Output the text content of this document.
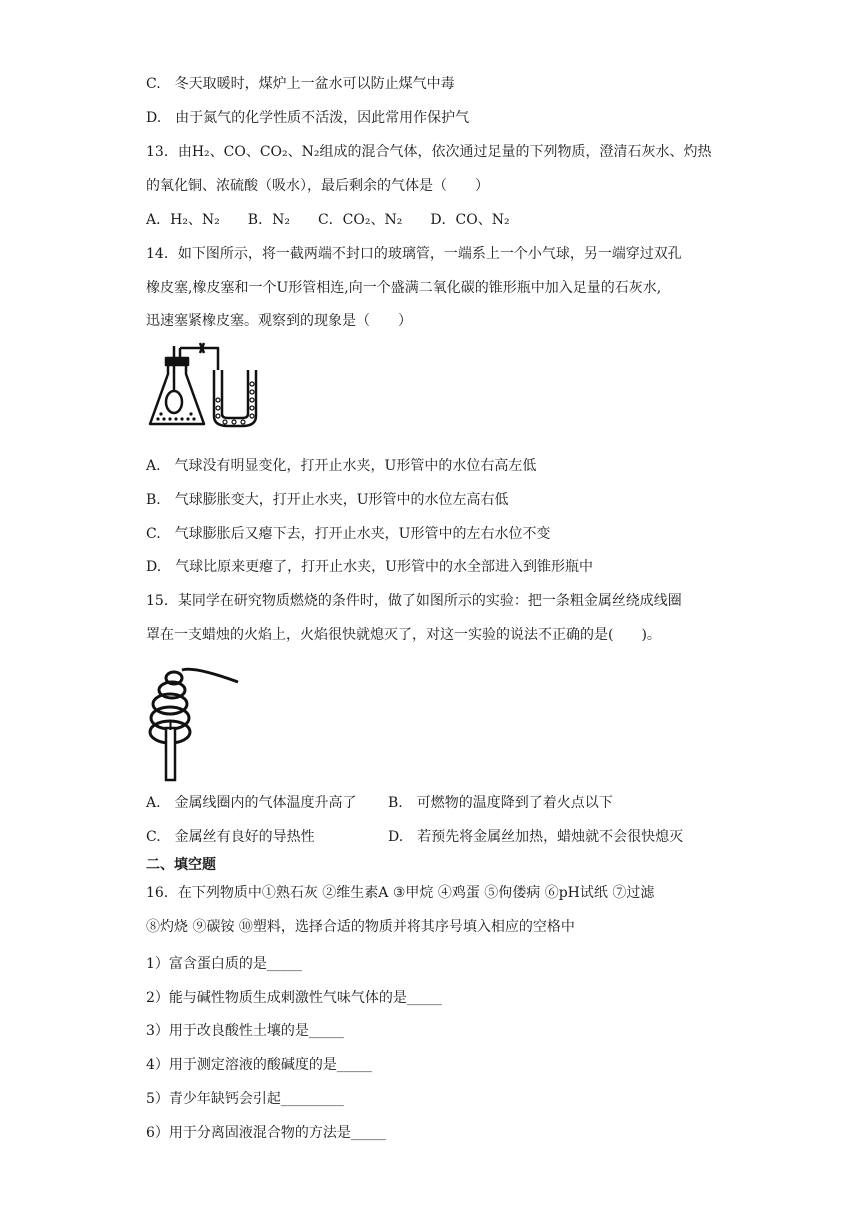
C.　冬天取暖时，煤炉上一盆水可以防止煤气中毒
D.　由于氮气的化学性质不活泼，因此常用作保护气
13．由H₂、CO、CO₂、N₂组成的混合气体，依次通过足量的下列物质，澄清石灰水、灼热
的氧化铜、浓硫酸（吸水），最后剩余的气体是（　　）
A．H₂、N₂　　B．N₂　　C．CO₂、N₂　　D．CO、N₂
14．如下图所示，将一截两端不封口的玻璃管，一端系上一个小气球，另一端穿过双孔
橡皮塞,橡皮塞和一个U形管相连,向一个盛满二氧化碳的锥形瓶中加入足量的石灰水,
迅速塞紧橡皮塞。观察到的现象是（　　）
A.　气球没有明显变化，打开止水夹，U形管中的水位右高左低
B.　气球膨胀变大，打开止水夹，U形管中的水位左高右低
C.　气球膨胀后又瘪下去，打开止水夹，U形管中的左右水位不变
D.　气球比原来更瘪了，打开止水夹，U形管中的水全部进入到锥形瓶中
15．某同学在研究物质燃烧的条件时，做了如图所示的实验：把一条粗金属丝绕成线圈
罩在一支蜡烛的火焰上，火焰很快就熄灭了，对这一实验的说法不正确的是(　　)。
A.　金属线圈内的气体温度升高了 B.　可燃物的温度降到了着火点以下
C.　金属丝有良好的导热性	D.　若预先将金属丝加热，蜡烛就不会很快熄灭
二、填空题
16．在下列物质中①熟石灰 ②维生素A ③甲烷 ④鸡蛋 ⑤佝偻病 ⑥pH试纸 ⑦过滤
⑧灼烧 ⑨碳铵 ⑩塑料，选择合适的物质并将其序号填入相应的空格中
1）富含蛋白质的是_____
2）能与碱性物质生成剌激性气味气体的是_____
3）用于改良酸性土壤的是_____
4）用于测定溶液的酸碱度的是_____
5）青少年缺钙会引起_________
6）用于分离固液混合物的方法是_____
